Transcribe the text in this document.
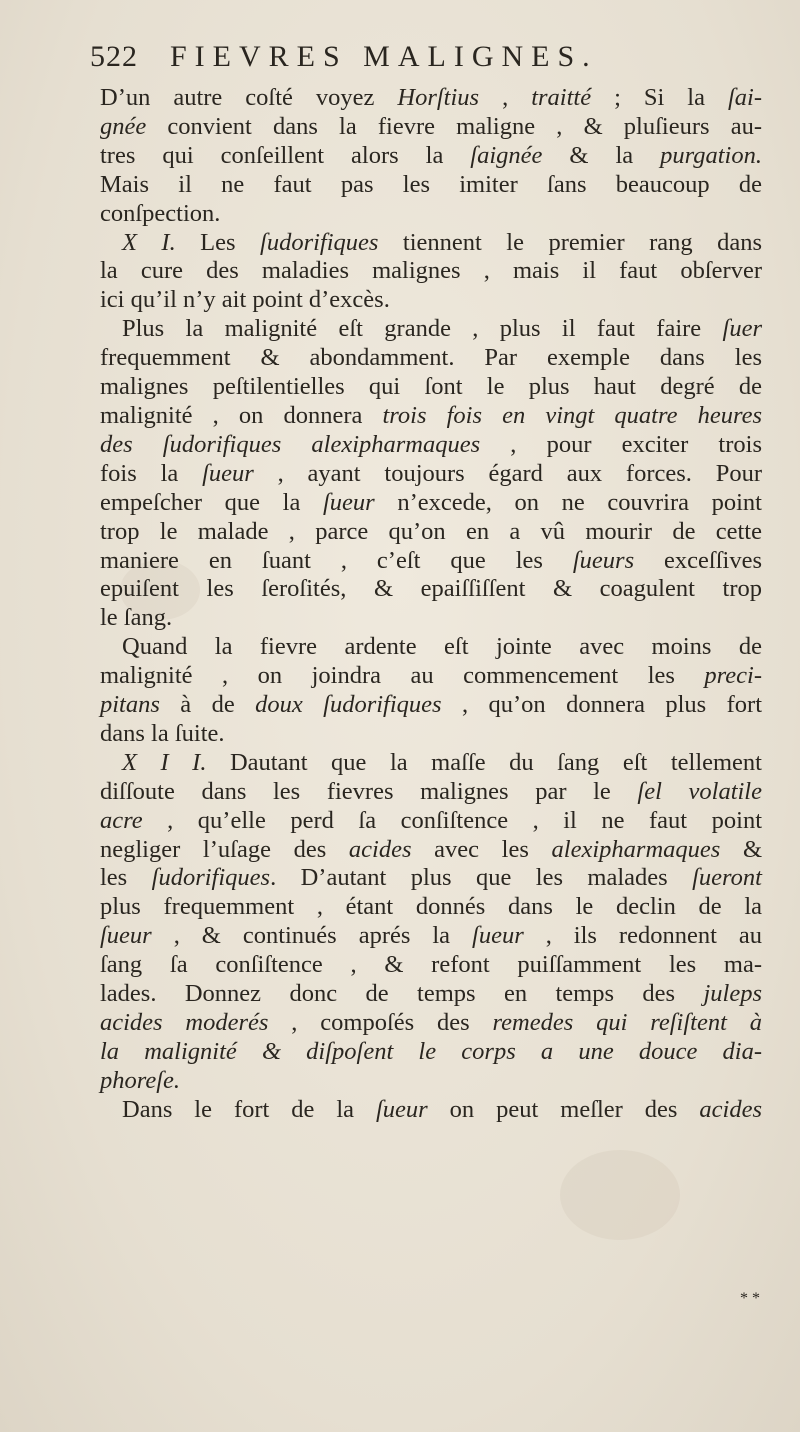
522	FIEVRES MALIGNES.
D’un autre coſté voyez Horſtius , traitté ; Si la ſai-
gnée convient dans la fievre maligne , & pluſieurs au-
tres qui conſeillent alors la ſaignée & la purgation.
Mais il ne faut pas les imiter ſans beaucoup de
conſpection.
X I. Les ſudorifiques tiennent le premier rang dans
la cure des maladies malignes , mais il faut obſerver
ici qu’il n’y ait point d’excès.
Plus la malignité eſt grande , plus il faut faire ſuer
frequemment & abondamment. Par exemple dans les
malignes peſtilentielles qui ſont le plus haut degré de
malignité , on donnera trois fois en vingt quatre heures
des ſudorifiques alexipharmaques , pour exciter trois
fois la ſueur , ayant toujours égard aux forces. Pour
empeſcher que la ſueur n’excede, on ne couvrira point
trop le malade , parce qu’on en a vû mourir de cette
maniere en ſuant , c’eſt que les ſueurs exceſſives
epuiſent les ſeroſités, & epaiſſiſſent & coagulent trop
le ſang.
Quand la fievre ardente eſt jointe avec moins de
malignité , on joindra au commencement les preci-
pitans à de doux ſudorifiques , qu’on donnera plus fort
dans la ſuite.
X I I. Dautant que la maſſe du ſang eſt tellement
diſſoute dans les fievres malignes par le ſel volatile
acre , qu’elle perd ſa conſiſtence , il ne faut point
negliger l’uſage des acides avec les alexipharmaques &
les ſudorifiques. D’autant plus que les malades ſueront
plus frequemment , étant donnés dans le declin de la
ſueur , & continués aprés la ſueur , ils redonnent au
ſang ſa conſiſtence , & refont puiſſamment les ma-
lades. Donnez donc de temps en temps des juleps
acides moderés , compoſés des remedes qui reſiſtent à
la malignité & diſpoſent le corps a une douce dia-
phoreſe.
Dans le fort de la ſueur on peut meſler des acides
* *
